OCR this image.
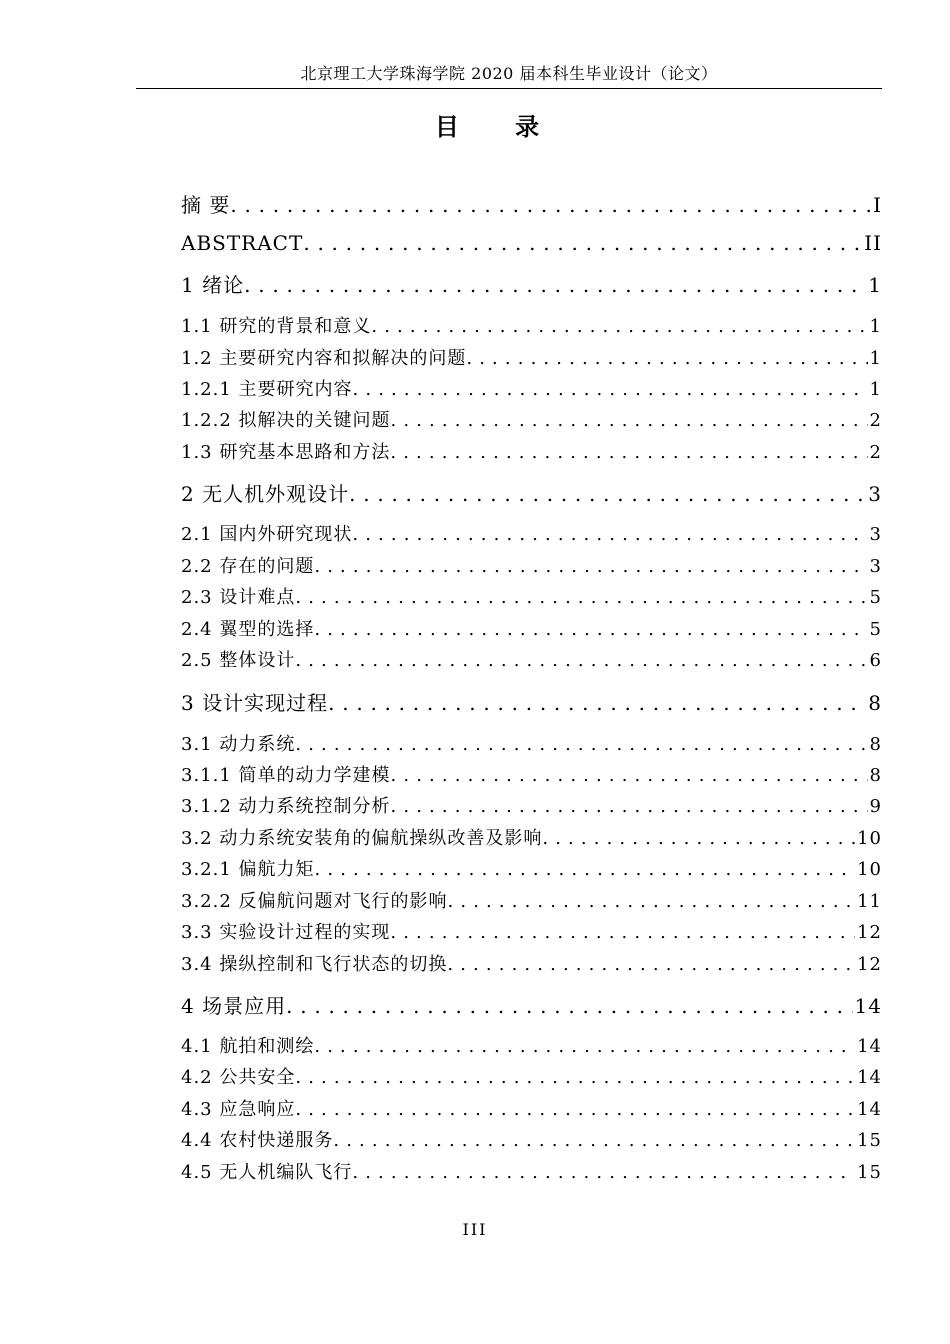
北京理工大学珠海学院 2020 届本科生毕业设计（论文）
目 录
摘 要 . . .	I
ABSTRACT . . .	II
1 绪论 . . .	1
1.1 研究的背景和意义 . . .	1
1.2 主要研究内容和拟解决的问题 . . .	1
1.2.1 主要研究内容 . . .	1
1.2.2 拟解决的关键问题 . . .	2
1.3 研究基本思路和方法 . . .	2
2 无人机外观设计 . . .	3
2.1 国内外研究现状 . . .	3
2.2 存在的问题 . . .	3
2.3 设计难点 . . .	5
2.4 翼型的选择 . . .	5
2.5 整体设计 . . .	6
3 设计实现过程 . . .	8
3.1 动力系统 . . .	8
3.1.1 简单的动力学建模 . . .	8
3.1.2 动力系统控制分析 . . .	9
3.2 动力系统安装角的偏航操纵改善及影响 . . .	10
3.2.1 偏航力矩 . . .	10
3.2.2 反偏航问题对飞行的影响 . . .	11
3.3 实验设计过程的实现 . . .	12
3.4 操纵控制和飞行状态的切换 . . .	12
4 场景应用 . . .	14
4.1 航拍和测绘 . . .	14
4.2 公共安全 . . .	14
4.3 应急响应 . . .	14
4.4 农村快递服务 . . .	15
4.5 无人机编队飞行 . . .	15
III
